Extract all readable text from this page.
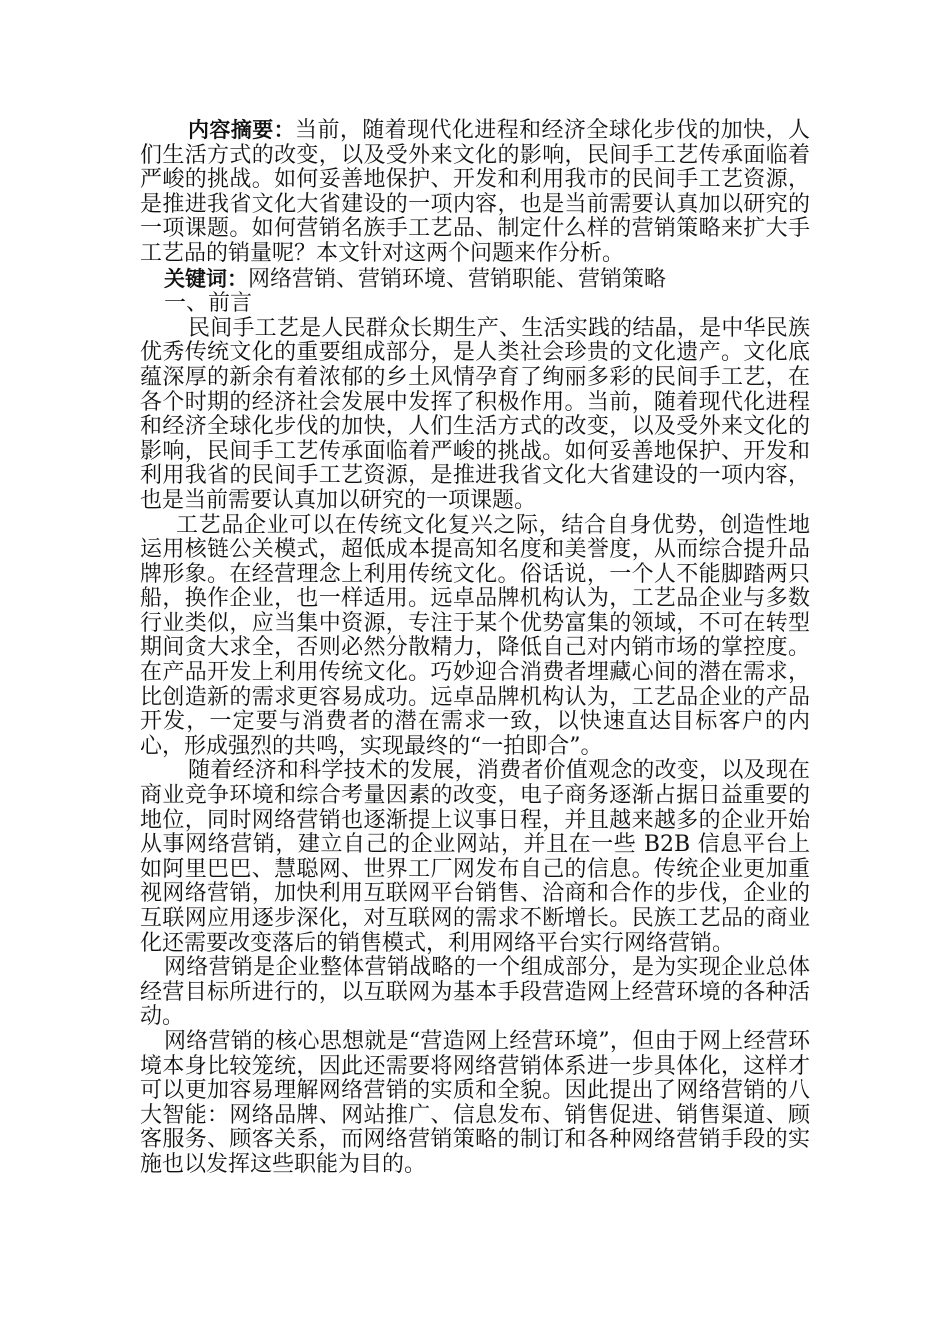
内容摘要：当前，随着现代化进程和经济全球化步伐的加快，人们生活方式的改变，以及受外来文化的影响，民间手工艺传承面临着严峻的挑战。如何妥善地保护、开发和利用我市的民间手工艺资源，是推进我省文化大省建设的一项内容，也是当前需要认真加以研究的一项课题。如何营销名族手工艺品、制定什么样的营销策略来扩大手工艺品的销量呢？本文针对这两个问题来作分析。

关键词：网络营销、营销环境、营销职能、营销策略

一、前言

民间手工艺是人民群众长期生产、生活实践的结晶，是中华民族优秀传统文化的重要组成部分，是人类社会珍贵的文化遗产。文化底蕴深厚的新余有着浓郁的乡土风情孕育了绚丽多彩的民间手工艺，在各个时期的经济社会发展中发挥了积极作用。当前，随着现代化进程和经济全球化步伐的加快，人们生活方式的改变，以及受外来文化的影响，民间手工艺传承面临着严峻的挑战。如何妥善地保护、开发和利用我省的民间手工艺资源，是推进我省文化大省建设的一项内容，也是当前需要认真加以研究的一项课题。

工艺品企业可以在传统文化复兴之际，结合自身优势，创造性地运用核链公关模式，超低成本提高知名度和美誉度，从而综合提升品牌形象。在经营理念上利用传统文化。俗话说，一个人不能脚踏两只船，换作企业，也一样适用。远卓品牌机构认为，工艺品企业与多数行业类似，应当集中资源，专注于某个优势富集的领域，不可在转型期间贪大求全，否则必然分散精力，降低自己对内销市场的掌控度。在产品开发上利用传统文化。巧妙迎合消费者埋藏心间的潜在需求，比创造新的需求更容易成功。远卓品牌机构认为，工艺品企业的产品开发，一定要与消费者的潜在需求一致，以快速直达目标客户的内心，形成强烈的共鸣，实现最终的“一拍即合”。

随着经济和科学技术的发展，消费者价值观念的改变，以及现在商业竞争环境和综合考量因素的改变，电子商务逐渐占据日益重要的地位，同时网络营销也逐渐提上议事日程，并且越来越多的企业开始从事网络营销，建立自己的企业网站，并且在一些 B2B 信息平台上如阿里巴巴、慧聪网、世界工厂网发布自己的信息。传统企业更加重视网络营销，加快利用互联网平台销售、洽商和合作的步伐，企业的互联网应用逐步深化，对互联网的需求不断增长。民族工艺品的商业化还需要改变落后的销售模式，利用网络平台实行网络营销。

网络营销是企业整体营销战略的一个组成部分，是为实现企业总体经营目标所进行的，以互联网为基本手段营造网上经营环境的各种活动。

网络营销的核心思想就是“营造网上经营环境”，但由于网上经营环境本身比较笼统，因此还需要将网络营销体系进一步具体化，这样才可以更加容易理解网络营销的实质和全貌。因此提出了网络营销的八大智能：网络品牌、网站推广、信息发布、销售促进、销售渠道、顾客服务、顾客关系，而网络营销策略的制订和各种网络营销手段的实施也以发挥这些职能为目的。
